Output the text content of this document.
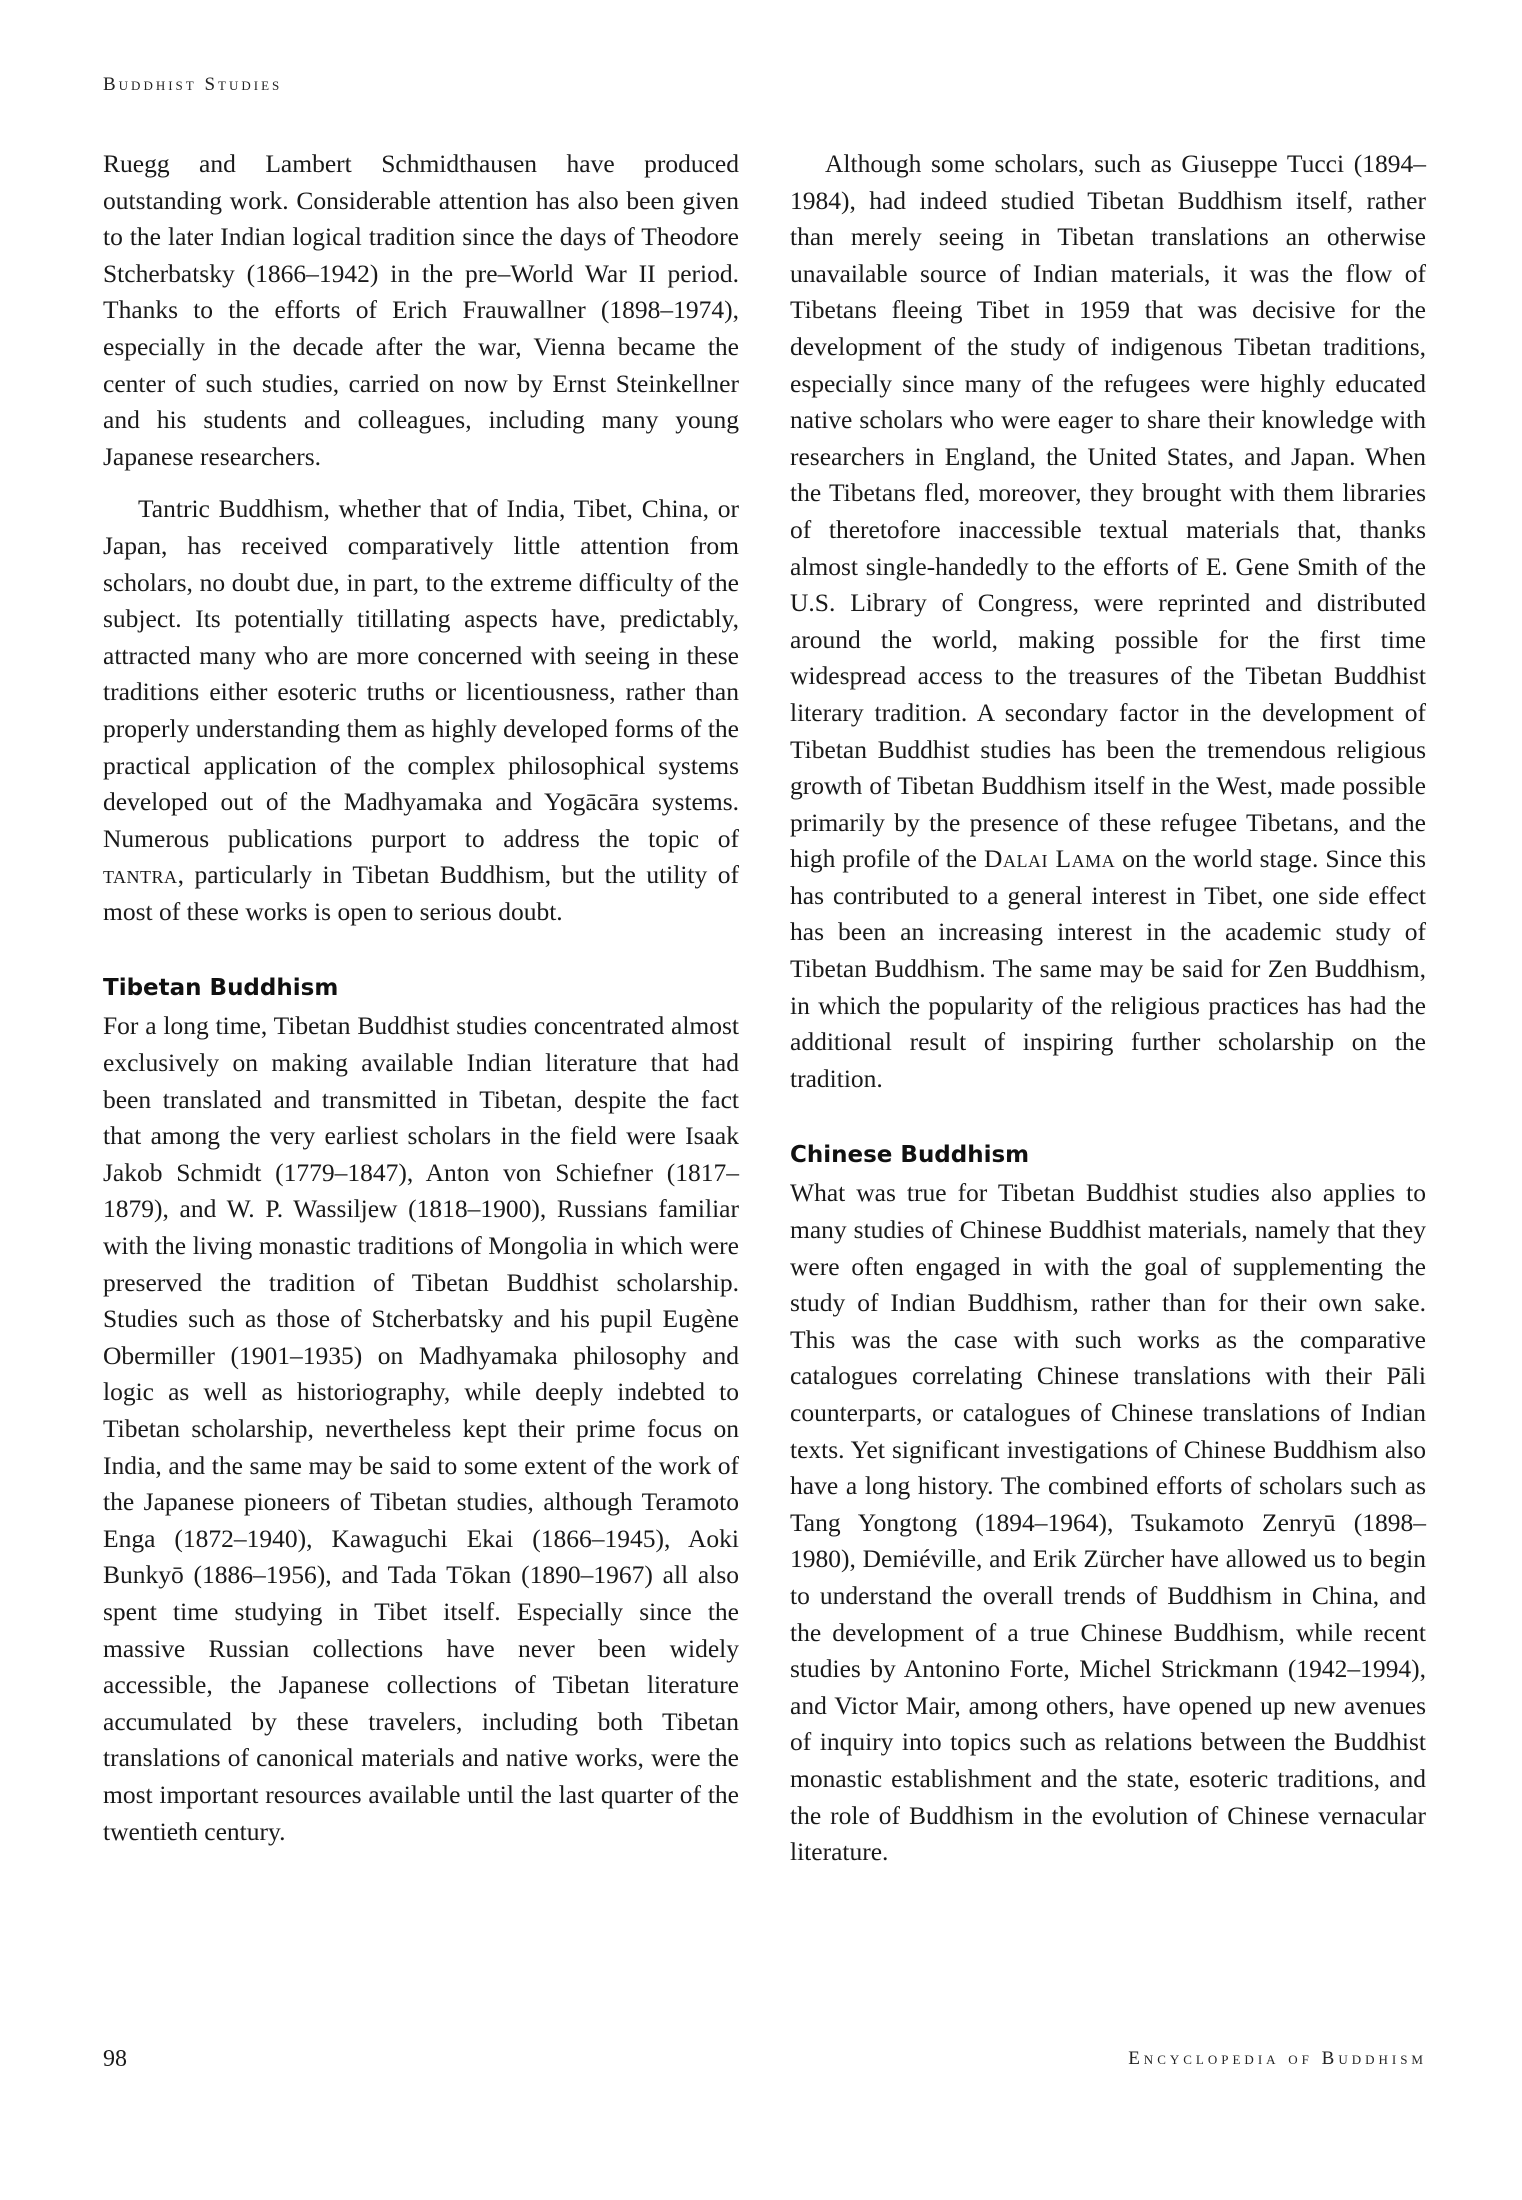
Buddhist Studies

Ruegg and Lambert Schmidthausen have produced outstanding work. Considerable attention has also been given to the later Indian logical tradition since the days of Theodore Stcherbatsky (1866–1942) in the pre–World War II period. Thanks to the efforts of Erich Frauwallner (1898–1974), especially in the decade after the war, Vienna became the center of such studies, carried on now by Ernst Steinkellner and his students and colleagues, including many young Japanese researchers.

Tantric Buddhism, whether that of India, Tibet, China, or Japan, has received comparatively little attention from scholars, no doubt due, in part, to the extreme difficulty of the subject. Its potentially titillating aspects have, predictably, attracted many who are more concerned with seeing in these traditions either esoteric truths or licentiousness, rather than properly understanding them as highly developed forms of the practical application of the complex philosophical systems developed out of the Madhyamaka and Yogācāra systems. Numerous publications purport to address the topic of tantra, particularly in Tibetan Buddhism, but the utility of most of these works is open to serious doubt.

Tibetan Buddhism

For a long time, Tibetan Buddhist studies concentrated almost exclusively on making available Indian literature that had been translated and transmitted in Tibetan, despite the fact that among the very earliest scholars in the field were Isaak Jakob Schmidt (1779–1847), Anton von Schiefner (1817–1879), and W. P. Wassiljew (1818–1900), Russians familiar with the living monastic traditions of Mongolia in which were preserved the tradition of Tibetan Buddhist scholarship. Studies such as those of Stcherbatsky and his pupil Eugène Obermiller (1901–1935) on Madhyamaka philosophy and logic as well as historiography, while deeply indebted to Tibetan scholarship, nevertheless kept their prime focus on India, and the same may be said to some extent of the work of the Japanese pioneers of Tibetan studies, although Teramoto Enga (1872–1940), Kawaguchi Ekai (1866–1945), Aoki Bunkyō (1886–1956), and Tada Tōkan (1890–1967) all also spent time studying in Tibet itself. Especially since the massive Russian collections have never been widely accessible, the Japanese collections of Tibetan literature accumulated by these travelers, including both Tibetan translations of canonical materials and native works, were the most important resources available until the last quarter of the twentieth century.

Although some scholars, such as Giuseppe Tucci (1894–1984), had indeed studied Tibetan Buddhism itself, rather than merely seeing in Tibetan translations an otherwise unavailable source of Indian materials, it was the flow of Tibetans fleeing Tibet in 1959 that was decisive for the development of the study of indigenous Tibetan traditions, especially since many of the refugees were highly educated native scholars who were eager to share their knowledge with researchers in England, the United States, and Japan. When the Tibetans fled, moreover, they brought with them libraries of theretofore inaccessible textual materials that, thanks almost single-handedly to the efforts of E. Gene Smith of the U.S. Library of Congress, were reprinted and distributed around the world, making possible for the first time widespread access to the treasures of the Tibetan Buddhist literary tradition. A secondary factor in the development of Tibetan Buddhist studies has been the tremendous religious growth of Tibetan Buddhism itself in the West, made possible primarily by the presence of these refugee Tibetans, and the high profile of the Dalai Lama on the world stage. Since this has contributed to a general interest in Tibet, one side effect has been an increasing interest in the academic study of Tibetan Buddhism. The same may be said for Zen Buddhism, in which the popularity of the religious practices has had the additional result of inspiring further scholarship on the tradition.

Chinese Buddhism

What was true for Tibetan Buddhist studies also applies to many studies of Chinese Buddhist materials, namely that they were often engaged in with the goal of supplementing the study of Indian Buddhism, rather than for their own sake. This was the case with such works as the comparative catalogues correlating Chinese translations with their Pāli counterparts, or catalogues of Chinese translations of Indian texts. Yet significant investigations of Chinese Buddhism also have a long history. The combined efforts of scholars such as Tang Yongtong (1894–1964), Tsukamoto Zenryū (1898–1980), Demiéville, and Erik Zürcher have allowed us to begin to understand the overall trends of Buddhism in China, and the development of a true Chinese Buddhism, while recent studies by Antonino Forte, Michel Strickmann (1942–1994), and Victor Mair, among others, have opened up new avenues of inquiry into topics such as relations between the Buddhist monastic establishment and the state, esoteric traditions, and the role of Buddhism in the evolution of Chinese vernacular literature.

98	Encyclopedia of Buddhism
